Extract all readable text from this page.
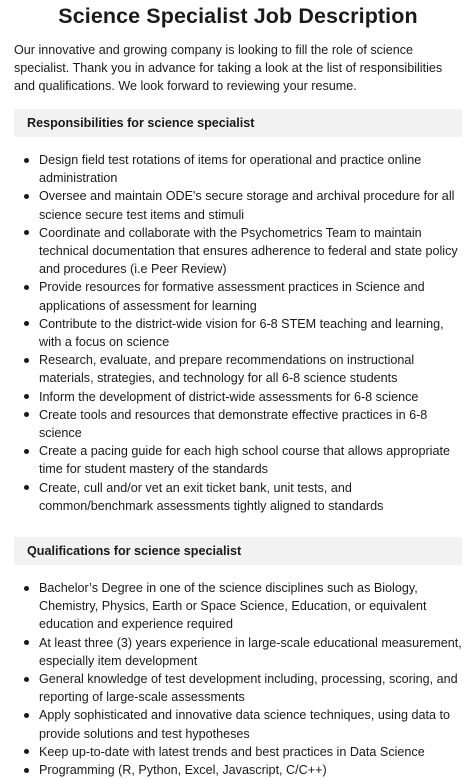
Science Specialist Job Description

Our innovative and growing company is looking to fill the role of science specialist. Thank you in advance for taking a look at the list of responsibilities and qualifications. We look forward to reviewing your resume.

Responsibilities for science specialist
Design field test rotations of items for operational and practice online administration
Oversee and maintain ODE's secure storage and archival procedure for all science secure test items and stimuli
Coordinate and collaborate with the Psychometrics Team to maintain technical documentation that ensures adherence to federal and state policy and procedures (i.e Peer Review)
Provide resources for formative assessment practices in Science and applications of assessment for learning
Contribute to the district-wide vision for 6-8 STEM teaching and learning, with a focus on science
Research, evaluate, and prepare recommendations on instructional materials, strategies, and technology for all 6-8 science students
Inform the development of district-wide assessments for 6-8 science
Create tools and resources that demonstrate effective practices in 6-8 science
Create a pacing guide for each high school course that allows appropriate time for student mastery of the standards
Create, cull and/or vet an exit ticket bank, unit tests, and common/benchmark assessments tightly aligned to standards
Qualifications for science specialist
Bachelor’s Degree in one of the science disciplines such as Biology, Chemistry, Physics, Earth or Space Science, Education, or equivalent education and experience required
At least three (3) years experience in large-scale educational measurement, especially item development
General knowledge of test development including, processing, scoring, and reporting of large-scale assessments
Apply sophisticated and innovative data science techniques, using data to provide solutions and test hypotheses
Keep up-to-date with latest trends and best practices in Data Science
Programming (R, Python, Excel, Javascript, C/C++)
